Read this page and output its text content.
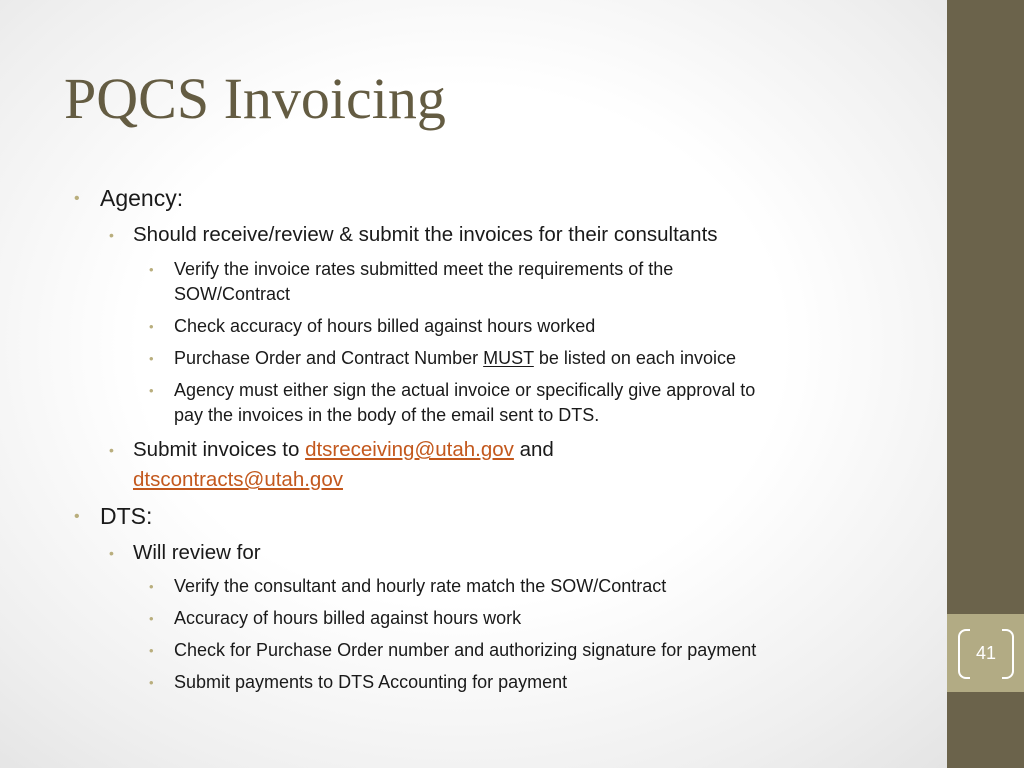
41
PQCS Invoicing
• Agency:
• Should receive/review & submit the invoices for their consultants
• Verify the invoice rates submitted meet the requirements of the
SOW/Contract
• Check accuracy of hours billed against hours worked
• Purchase Order and Contract Number MUST be listed on each invoice
• Agency must either sign the actual invoice or specifically give approval to
pay the invoices in the body of the email sent to DTS.
• Submit invoices to dtsreceiving@utah.gov and
dtscontracts@utah.gov
• DTS:
• Will review for
• Verify the consultant and hourly rate match the SOW/Contract
• Accuracy of hours billed against hours work
• Check for Purchase Order number and authorizing signature for payment
• Submit payments to DTS Accounting for payment
